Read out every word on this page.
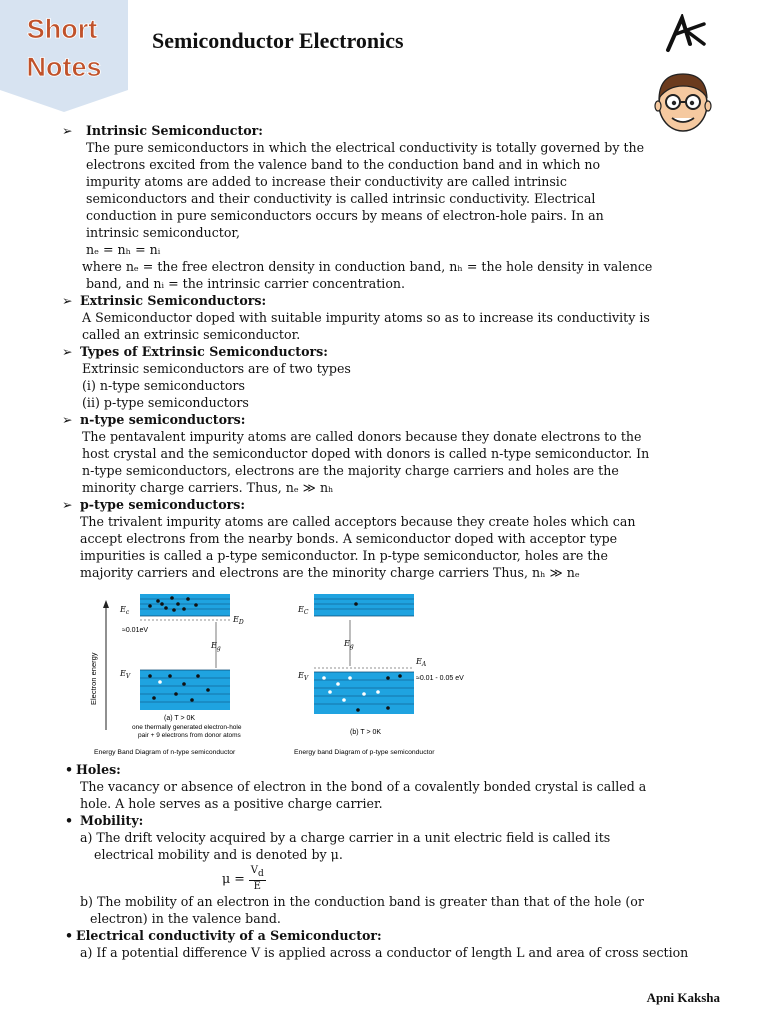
Short
Notes
Semiconductor Electronics
➢	Intrinsic Semiconductor:

The pure semiconductors in which the electrical conductivity is totally governed by the

electrons excited from the valence band to the conduction band and in which no

impurity atoms are added to increase their conductivity are called intrinsic

semiconductors and their conductivity is called intrinsic conductivity. Electrical

conduction in pure semiconductors occurs by means of electron-hole pairs. In an

intrinsic semiconductor,

nₑ = nₕ = nᵢ

where nₑ = the free electron density in conduction band, nₕ = the hole density in valence

band, and nᵢ = the intrinsic carrier concentration.

➢ Extrinsic Semiconductors:

A Semiconductor doped with suitable impurity atoms so as to increase its conductivity is

called an extrinsic semiconductor.

➢ Types of Extrinsic Semiconductors:

Extrinsic semiconductors are of two types

(i) n-type semiconductors

(ii) p-type semiconductors

➢ n-type semiconductors:

The pentavalent impurity atoms are called donors because they donate electrons to the

host crystal and the semiconductor doped with donors is called n-type semiconductor. In

n-type semiconductors, electrons are the majority charge carriers and holes are the

minority charge carriers. Thus, nₑ ≫ nₕ

➢ p-type semiconductors:

The trivalent impurity atoms are called acceptors because they create holes which can

accept electrons from the nearby bonds. A semiconductor doped with acceptor type

impurities is called a p-type semiconductor. In p-type semiconductor, holes are the

majority carriers and electrons are the minority charge carriers Thus, nₕ ≫ nₑ

• Holes:

The vacancy or absence of electron in the bond of a covalently bonded crystal is called a

hole. A hole serves as a positive charge carrier.

• Mobility:

a) The drift velocity acquired by a charge carrier in a unit electric field is called its

electrical mobility and is denoted by μ.

$\mu = \frac{V_d}{E}$

b) The mobility of an electron in the conduction band is greater than that of the hole (or

electron) in the valence band.

• Electrical conductivity of a Semiconductor:

a) If a potential difference V is applied across a conductor of length L and area of cross section

Electron energy
$E_c$
$E_D$
≈0.01eV
$E_g$
$E_V$
(a) T > 0K
one thermally generated electron-hole
pair + 9 electrons from donor atoms
Energy Band Diagram of n-type semiconductor
$E_C$
$E_g$
$E_A$
≈0.01 - 0.05 eV
$E_V$
(b) T > 0K
Energy band Diagram of p-type semiconductor
Apni Kaksha
